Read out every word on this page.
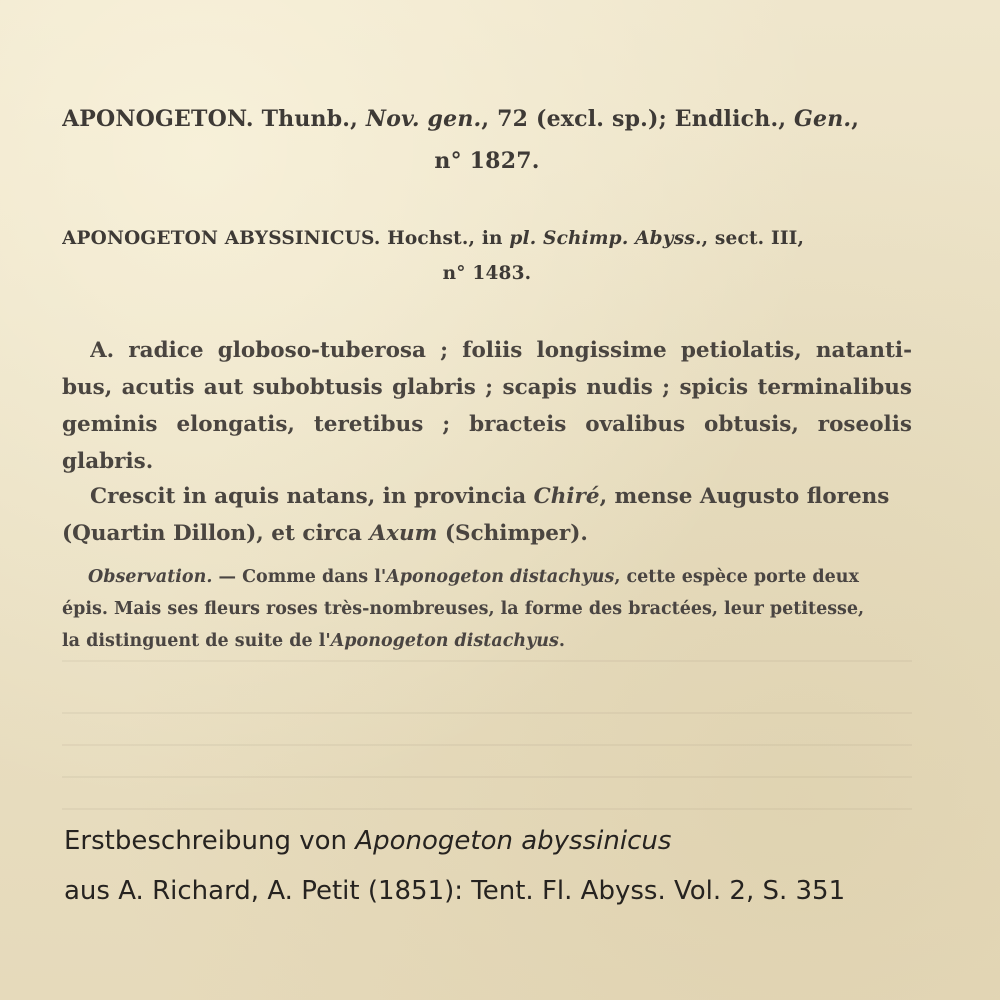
APONOGETON. Thunb., Nov. gen., 72 (excl. sp.); Endlich., Gen.,
n° 1827.
APONOGETON ABYSSINICUS. Hochst., in pl. Schimp. Abyss., sect. III,
n° 1483.
A. radice globoso-tuberosa ; foliis longissime petiolatis, natanti-
bus, acutis aut subobtusis glabris ; scapis nudis ; spicis terminalibus
geminis elongatis, teretibus ; bracteis ovalibus obtusis, roseolis
glabris.
Crescit in aquis natans, in provincia Chiré, mense Augusto florens
(Quartin Dillon), et circa Axum (Schimper).
Observation. — Comme dans l'Aponogeton distachyus, cette espèce porte deux
épis. Mais ses fleurs roses très-nombreuses, la forme des bractées, leur petitesse,
la distinguent de suite de l'Aponogeton distachyus.
Erstbeschreibung von Aponogeton abyssinicus
aus A. Richard, A. Petit (1851): Tent. Fl. Abyss. Vol. 2, S. 351
